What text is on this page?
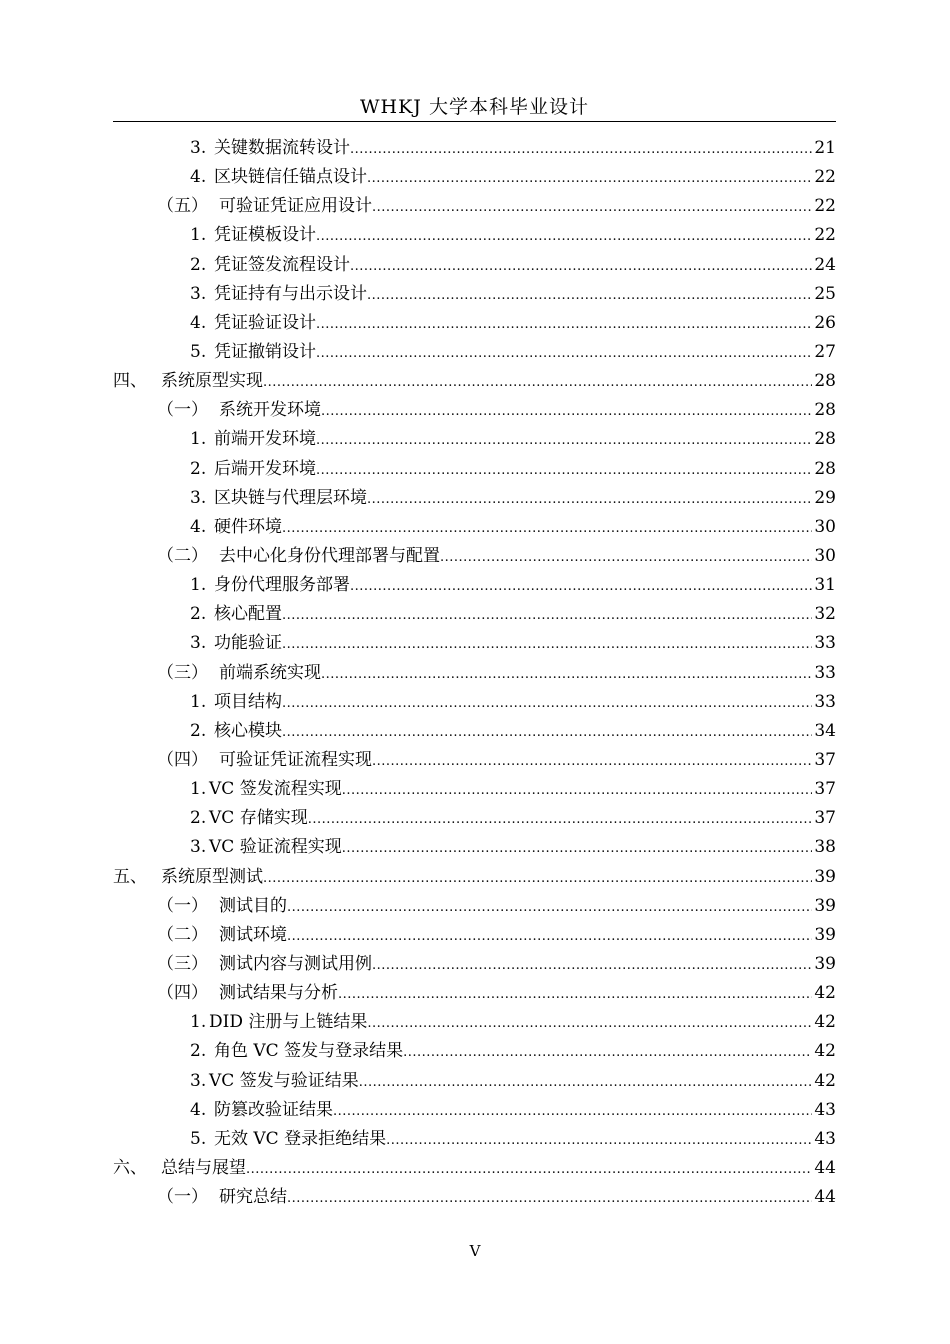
WHKJ 大学本科毕业设计
3. 关键数据流转设计 .....	21
4. 区块链信任锚点设计 .....	22
（五） 可验证凭证应用设计 .....	22
1. 凭证模板设计 .....	22
2. 凭证签发流程设计 .....	24
3. 凭证持有与出示设计 .....	25
4. 凭证验证设计 .....	26
5. 凭证撤销设计 .....	27
四、 系统原型实现 .....	28
（一） 系统开发环境 .....	28
1. 前端开发环境 .....	28
2. 后端开发环境 .....	28
3. 区块链与代理层环境 .....	29
4. 硬件环境 .....	30
（二） 去中心化身份代理部署与配置 .....	30
1. 身份代理服务部署 .....	31
2. 核心配置 .....	32
3. 功能验证 .....	33
（三） 前端系统实现 .....	33
1. 项目结构 .....	33
2. 核心模块 .....	34
（四） 可验证凭证流程实现 .....	37
1. VC 签发流程实现 .....	37
2. VC 存储实现 .....	37
3. VC 验证流程实现 .....	38
五、 系统原型测试 .....	39
（一） 测试目的 .....	39
（二） 测试环境 .....	39
（三） 测试内容与测试用例 .....	39
（四） 测试结果与分析 .....	42
1. DID 注册与上链结果 .....	42
2. 角色 VC 签发与登录结果 .....	42
3. VC 签发与验证结果 .....	42
4. 防篡改验证结果 .....	43
5. 无效 VC 登录拒绝结果 .....	43
六、 总结与展望 .....	44
（一） 研究总结 .....	44
V
